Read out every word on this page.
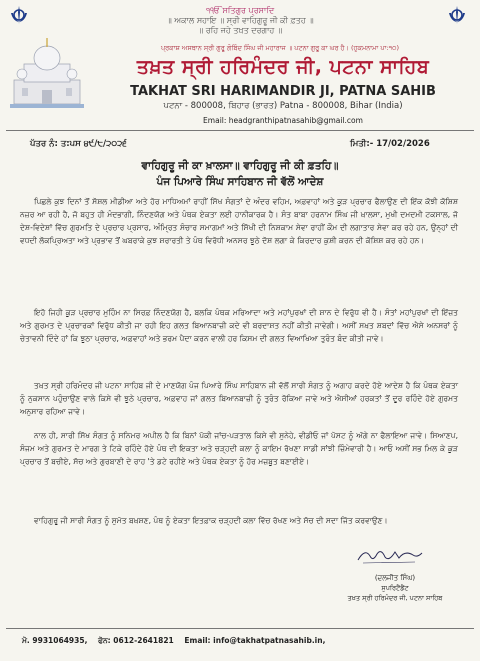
੧ੴ ਸਤਿਗੁਰ ਪ੍ਰਸਾਦਿ
॥ ਅਕਾਲ ਸਹਾਇ ॥ ਸ੍ਰੀ ਵਾਹਿਗੁਰੂ ਜੀ ਕੀ ਫ਼ਤਹ ॥
॥ ਰਹਿ ਜਹੇ ਤਖ਼ਤ ਦਰਗਾਹ ॥
ਪ੍ਰਕਾਸ਼ ਅਸਥਾਨ ਸ੍ਰੀ ਗੁਰੂ ਗੋਬਿੰਦ ਸਿੰਘ ਜੀ ਮਹਾਰਾਜ ॥ ਪਟਨਾ ਗੁਰੂ ਕਾ ਘਰ ਹੈ। (ਹੁਕਮਨਾਮਾ ਪਾ:੧੦)
ਤਖ਼ਤ ਸ੍ਰੀ ਹਰਿਮੰਦਰ ਜੀ, ਪਟਨਾ ਸਾਹਿਬ
TAKHAT SRI HARIMANDIR JI, PATNA SAHIB
ਪਟਨਾ - 800008, ਬਿਹਾਰ (ਭਾਰਤ) Patna - 800008, Bihar (India)
Email: headgranthipatnasahib@gmail.com
ਪੱਤਰ ਨੰ: ਤ:ਪਸ ੪੯/੮/੨੦੨੬	ਮਿਤੀ:- 17/02/2026
ਵਾਹਿਗੁਰੂ ਜੀ ਕਾ ਖ਼ਾਲਸਾ॥ ਵਾਹਿਗੁਰੂ ਜੀ ਕੀ ਫ਼ਤਹਿ॥
ਪੰਜ ਪਿਆਰੇ ਸਿੰਘ ਸਾਹਿਬਾਨ ਜੀ ਵੱਲੋਂ ਆਦੇਸ਼
ਪਿਛਲੇ ਕੁਝ ਦਿਨਾਂ ਤੋਂ ਸੋਸ਼ਲ ਮੀਡੀਆ ਅਤੇ ਹੋਰ ਮਾਧਿਅਮਾਂ ਰਾਹੀਂ ਸਿੱਖ ਸੰਗਤਾਂ ਦੇ ਅੰਦਰ ਵਹਿਮ, ਅਫ਼ਵਾਹਾਂ ਅਤੇ ਕੂੜ ਪ੍ਰਚਾਰ ਫੈਲਾਉਣ ਦੀ ਇੱਕ ਕੋਝੀ ਕੋਸ਼ਿਸ਼ ਨਜ਼ਰ ਆ ਰਹੀ ਹੈ, ਜੋ ਬਹੁਤ ਹੀ ਮੰਦਭਾਗੀ, ਨਿੰਦਣਯੋਗ ਅਤੇ ਪੰਥਕ ਏਕਤਾ ਲਈ ਹਾਨੀਕਾਰਕ ਹੈ। ਸੰਤ ਬਾਬਾ ਹਰਨਾਮ ਸਿੰਘ ਜੀ ਖ਼ਾਲਸਾ, ਮੁਖੀ ਦਮਦਮੀ ਟਕਸਾਲ, ਜੋ ਦੇਸ਼-ਵਿਦੇਸ਼ਾਂ ਵਿੱਚ ਗੁਰਮਤਿ ਦੇ ਪ੍ਰਚਾਰ ਪ੍ਰਸਾਰ, ਅੰਮ੍ਰਿਤ ਸੰਚਾਰ ਸਮਾਗਮਾਂ ਅਤੇ ਸਿੱਖੀ ਦੀ ਨਿਸ਼ਕਾਮ ਸੇਵਾ ਰਾਹੀਂ ਕੌਮ ਦੀ ਲਗਾਤਾਰ ਸੇਵਾ ਕਰ ਰਹੇ ਹਨ, ਉਨ੍ਹਾਂ ਦੀ ਵਧਦੀ ਲੋਕਪ੍ਰਿਅਤਾ ਅਤੇ ਪ੍ਰਭਾਵ ਤੋਂ ਘਬਰਾਕੇ ਕੁਝ ਸ਼ਰਾਰਤੀ ਤੇ ਪੰਥ ਵਿਰੋਧੀ ਅਨਸਰ ਝੂਠੇ ਦੋਸ਼ ਲਗਾ ਕੇ ਕਿਰਦਾਰ ਕੁਸ਼ੀ ਕਰਨ ਦੀ ਕੋਸ਼ਿਸ਼ ਕਰ ਰਹੇ ਹਨ।
ਇਹੋ ਜਿਹੀ ਕੂੜ ਪ੍ਰਚਾਰ ਮੁਹਿੰਮ ਨਾ ਸਿਰਫ਼ ਨਿੰਦਣਯੋਗ ਹੈ, ਬਲਕਿ ਪੰਥਕ ਮਰਿਆਦਾ ਅਤੇ ਮਹਾਂਪੁਰਖਾਂ ਦੀ ਸ਼ਾਨ ਦੇ ਵਿਰੁੱਧ ਵੀ ਹੈ। ਸੰਤਾਂ ਮਹਾਂਪੁਰਖਾਂ ਦੀ ਇੱਜ਼ਤ ਅਤੇ ਗੁਰਮਤ ਦੇ ਪ੍ਰਚਾਰਕਾਂ ਵਿਰੁੱਧ ਕੀਤੀ ਜਾ ਰਹੀ ਇਹ ਗਲਤ ਬਿਆਨਬਾਜ਼ੀ ਕਦੇ ਵੀ ਬਰਦਾਸ਼ਤ ਨਹੀਂ ਕੀਤੀ ਜਾਵੇਗੀ। ਅਸੀਂ ਸਖ਼ਤ ਸ਼ਬਦਾਂ ਵਿੱਚ ਐਸੇ ਅਨਸਰਾਂ ਨੂੰ ਚੇਤਾਵਨੀ ਦਿੰਦੇ ਹਾਂ ਕਿ ਝੂਠਾ ਪ੍ਰਚਾਰ, ਅਫ਼ਵਾਹਾਂ ਅਤੇ ਭਰਮ ਪੈਦਾ ਕਰਨ ਵਾਲੀ ਹਰ ਕਿਸਮ ਦੀ ਗਲਤ ਵਿਆਖਿਆ ਤੁਰੰਤ ਬੰਦ ਕੀਤੀ ਜਾਵੇ।
ਤਖ਼ਤ ਸ੍ਰੀ ਹਰਿਮੰਦਰ ਜੀ ਪਟਨਾ ਸਾਹਿਬ ਜੀ ਦੇ ਮਾਣਯੋਗ ਪੰਜ ਪਿਆਰੇ ਸਿੰਘ ਸਾਹਿਬਾਨ ਜੀ ਵੱਲੋਂ ਸਾਰੀ ਸੰਗਤ ਨੂੰ ਅਗਾਹ ਕਰਦੇ ਹੋਏ ਆਦੇਸ਼ ਹੈ ਕਿ ਪੰਥਕ ਏਕਤਾ ਨੂੰ ਨੁਕਸਾਨ ਪਹੁੰਚਾਉਣ ਵਾਲੇ ਕਿਸੇ ਵੀ ਝੂਠੇ ਪ੍ਰਚਾਰ, ਅਫ਼ਵਾਹ ਜਾਂ ਗਲਤ ਬਿਆਨਬਾਜ਼ੀ ਨੂੰ ਤੁਰੰਤ ਰੋਕਿਆ ਜਾਵੇ ਅਤੇ ਐਸੀਆਂ ਹਰਕਤਾਂ ਤੋਂ ਦੂਰ ਰਹਿੰਦੇ ਹੋਏ ਗੁਰਮਤ ਅਨੁਸਾਰ ਰਹਿਆ ਜਾਵੇ।
ਨਾਲ ਹੀ, ਸਾਰੀ ਸਿੱਖ ਸੰਗਤ ਨੂੰ ਸਨਿਮਰ ਅਪੀਲ ਹੈ ਕਿ ਬਿਨਾਂ ਪੱਕੀ ਜਾਂਚ-ਪੜਤਾਲ ਕਿਸੇ ਵੀ ਸੁਨੇਹੇ, ਵੀਡੀਓ ਜਾਂ ਪੋਸਟ ਨੂੰ ਅੱਗੇ ਨਾ ਫੈਲਾਇਆ ਜਾਵੇ। ਸਿਆਣਪ, ਸੰਜਮ ਅਤੇ ਗੁਰਮਤ ਦੇ ਮਾਰਗ ਤੇ ਟਿਕੇ ਰਹਿੰਦੇ ਹੋਏ ਪੰਥ ਦੀ ਇਕਤਾ ਅਤੇ ਚੜ੍ਹਦੀ ਕਲਾ ਨੂੰ ਕਾਇਮ ਰੱਖਣਾ ਸਾਡੀ ਸਾਂਝੀ ਜ਼ਿੰਮੇਵਾਰੀ ਹੈ। ਆਓ ਅਸੀਂ ਸਭ ਮਿਲ ਕੇ ਕੂੜ ਪ੍ਰਚਾਰ ਤੋਂ ਬਚੀਏ, ਸੱਚ ਅਤੇ ਗੁਰਬਾਣੀ ਦੇ ਰਾਹ 'ਤੇ ਡਟੇ ਰਹੀਏ ਅਤੇ ਪੰਥਕ ਏਕਤਾ ਨੂੰ ਹੋਰ ਮਜ਼ਬੂਤ ਬਣਾਈਏ।
ਵਾਹਿਗੁਰੂ ਜੀ ਸਾਰੀ ਸੰਗਤ ਨੂੰ ਸੁਮੱਤ ਬਖ਼ਸ਼ਣ, ਪੰਥ ਨੂੰ ਏਕਤਾ ਇਤਫ਼ਾਕ ਚੜ੍ਹਦੀ ਕਲਾ ਵਿੱਚ ਰੱਖਣ ਅਤੇ ਸੱਚ ਦੀ ਸਦਾ ਜਿੱਤ ਕਰਵਾਉਣ।
(ਦਲਜੀਤ ਸਿੰਘ)
ਸੁਪਰਿਟੈਂਡੈਂਟ
ਤਖ਼ਤ ਸ੍ਰੀ ਹਰਿਮੰਦਰ ਜੀ, ਪਟਨਾ ਸਾਹਿਬ
ਮੋ. 9931064935, ਫੋਨ: 0612-2641821 Email: info@takhatpatnasahib.in,
